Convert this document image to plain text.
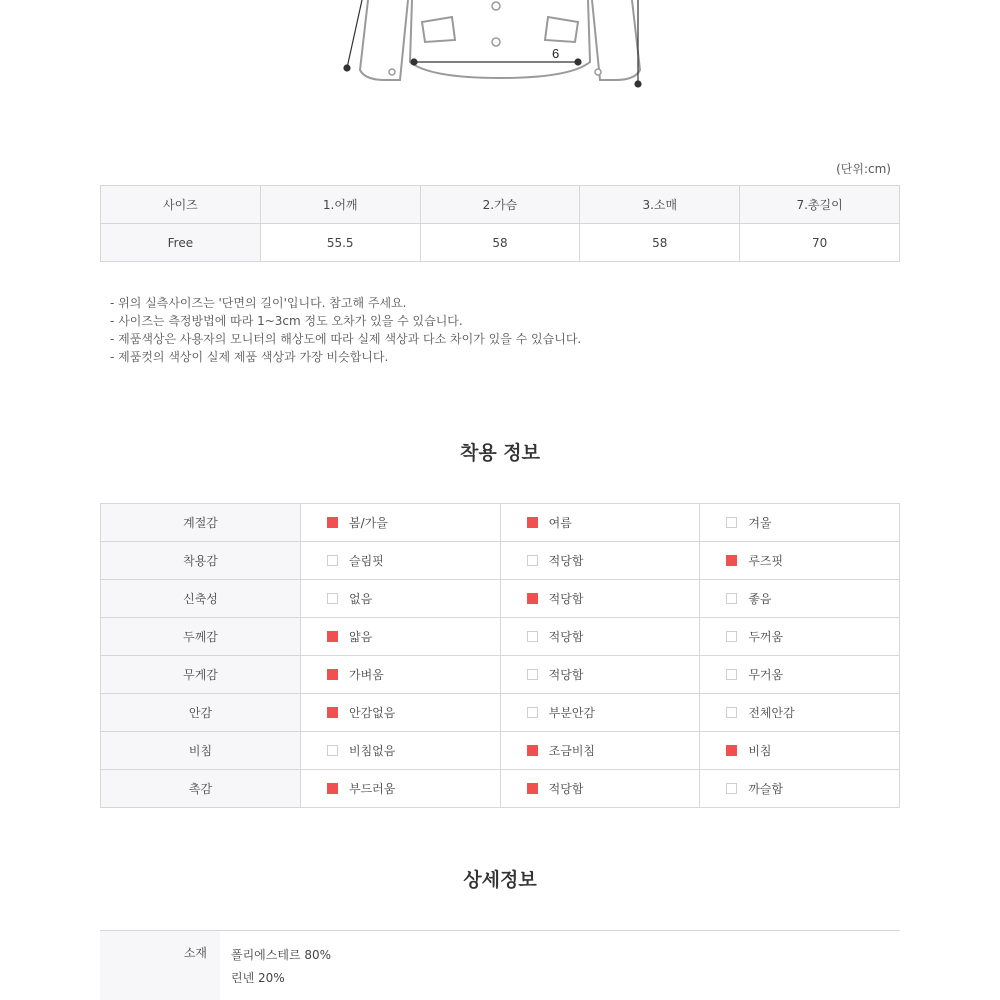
6
(단위:cm)
사이즈	1.어깨	2.가슴	3.소매	7.총길이
Free	55.5	58	58	70
- 위의 실측사이즈는 '단면의 길이'입니다. 참고해 주세요.
- 사이즈는 측정방법에 따라 1~3cm 정도 오차가 있을 수 있습니다.
- 제품색상은 사용자의 모니터의 해상도에 따라 실제 색상과 다소 차이가 있을 수 있습니다.
- 제품컷의 색상이 실제 제품 색상과 가장 비슷합니다.
착용 정보
계절감	봄/가을	여름	겨울
착용감	슬림핏	적당함	루즈핏
신축성	없음	적당함	좋음
두께감	얇음	적당함	두꺼움
무게감	가벼움	적당함	무거움
안감	안감없음	부분안감	전체안감
비침	비침없음	조금비침	비침
촉감	부드러움	적당함	까슬함
상세정보
소재	폴리에스테르 80%
린넨 20%
